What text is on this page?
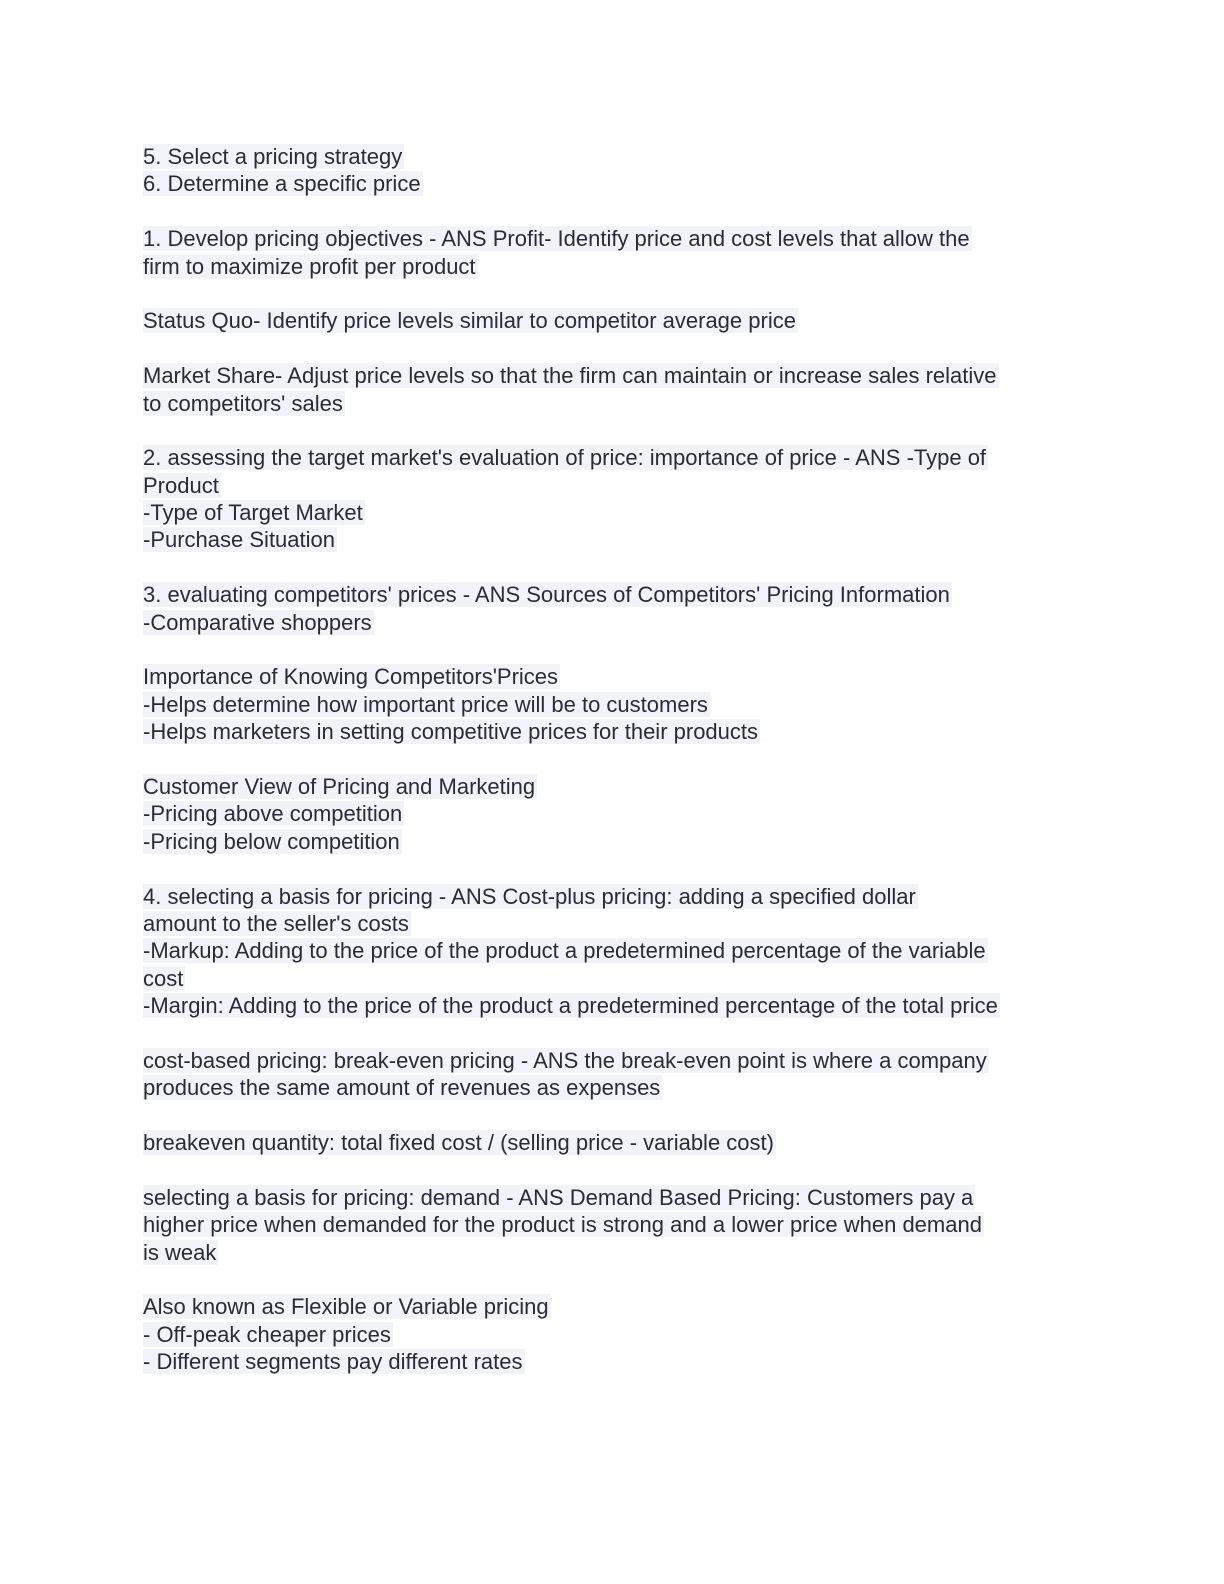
5. Select a pricing strategy
6. Determine a specific price
1. Develop pricing objectives - ANS Profit- Identify price and cost levels that allow the
firm to maximize profit per product
Status Quo- Identify price levels similar to competitor average price
Market Share- Adjust price levels so that the firm can maintain or increase sales relative
to competitors' sales
2. assessing the target market's evaluation of price: importance of price - ANS -Type of
Product
-Type of Target Market
-Purchase Situation
3. evaluating competitors' prices - ANS Sources of Competitors' Pricing Information
-Comparative shoppers
Importance of Knowing Competitors'Prices
-Helps determine how important price will be to customers
-Helps marketers in setting competitive prices for their products
Customer View of Pricing and Marketing
-Pricing above competition
-Pricing below competition
4. selecting a basis for pricing - ANS Cost-plus pricing: adding a specified dollar
amount to the seller's costs
-Markup: Adding to the price of the product a predetermined percentage of the variable
cost
-Margin: Adding to the price of the product a predetermined percentage of the total price
cost-based pricing: break-even pricing - ANS the break-even point is where a company
produces the same amount of revenues as expenses
breakeven quantity: total fixed cost / (selling price - variable cost)
selecting a basis for pricing: demand - ANS Demand Based Pricing: Customers pay a
higher price when demanded for the product is strong and a lower price when demand
is weak
Also known as Flexible or Variable pricing
- Off-peak cheaper prices
- Different segments pay different rates
